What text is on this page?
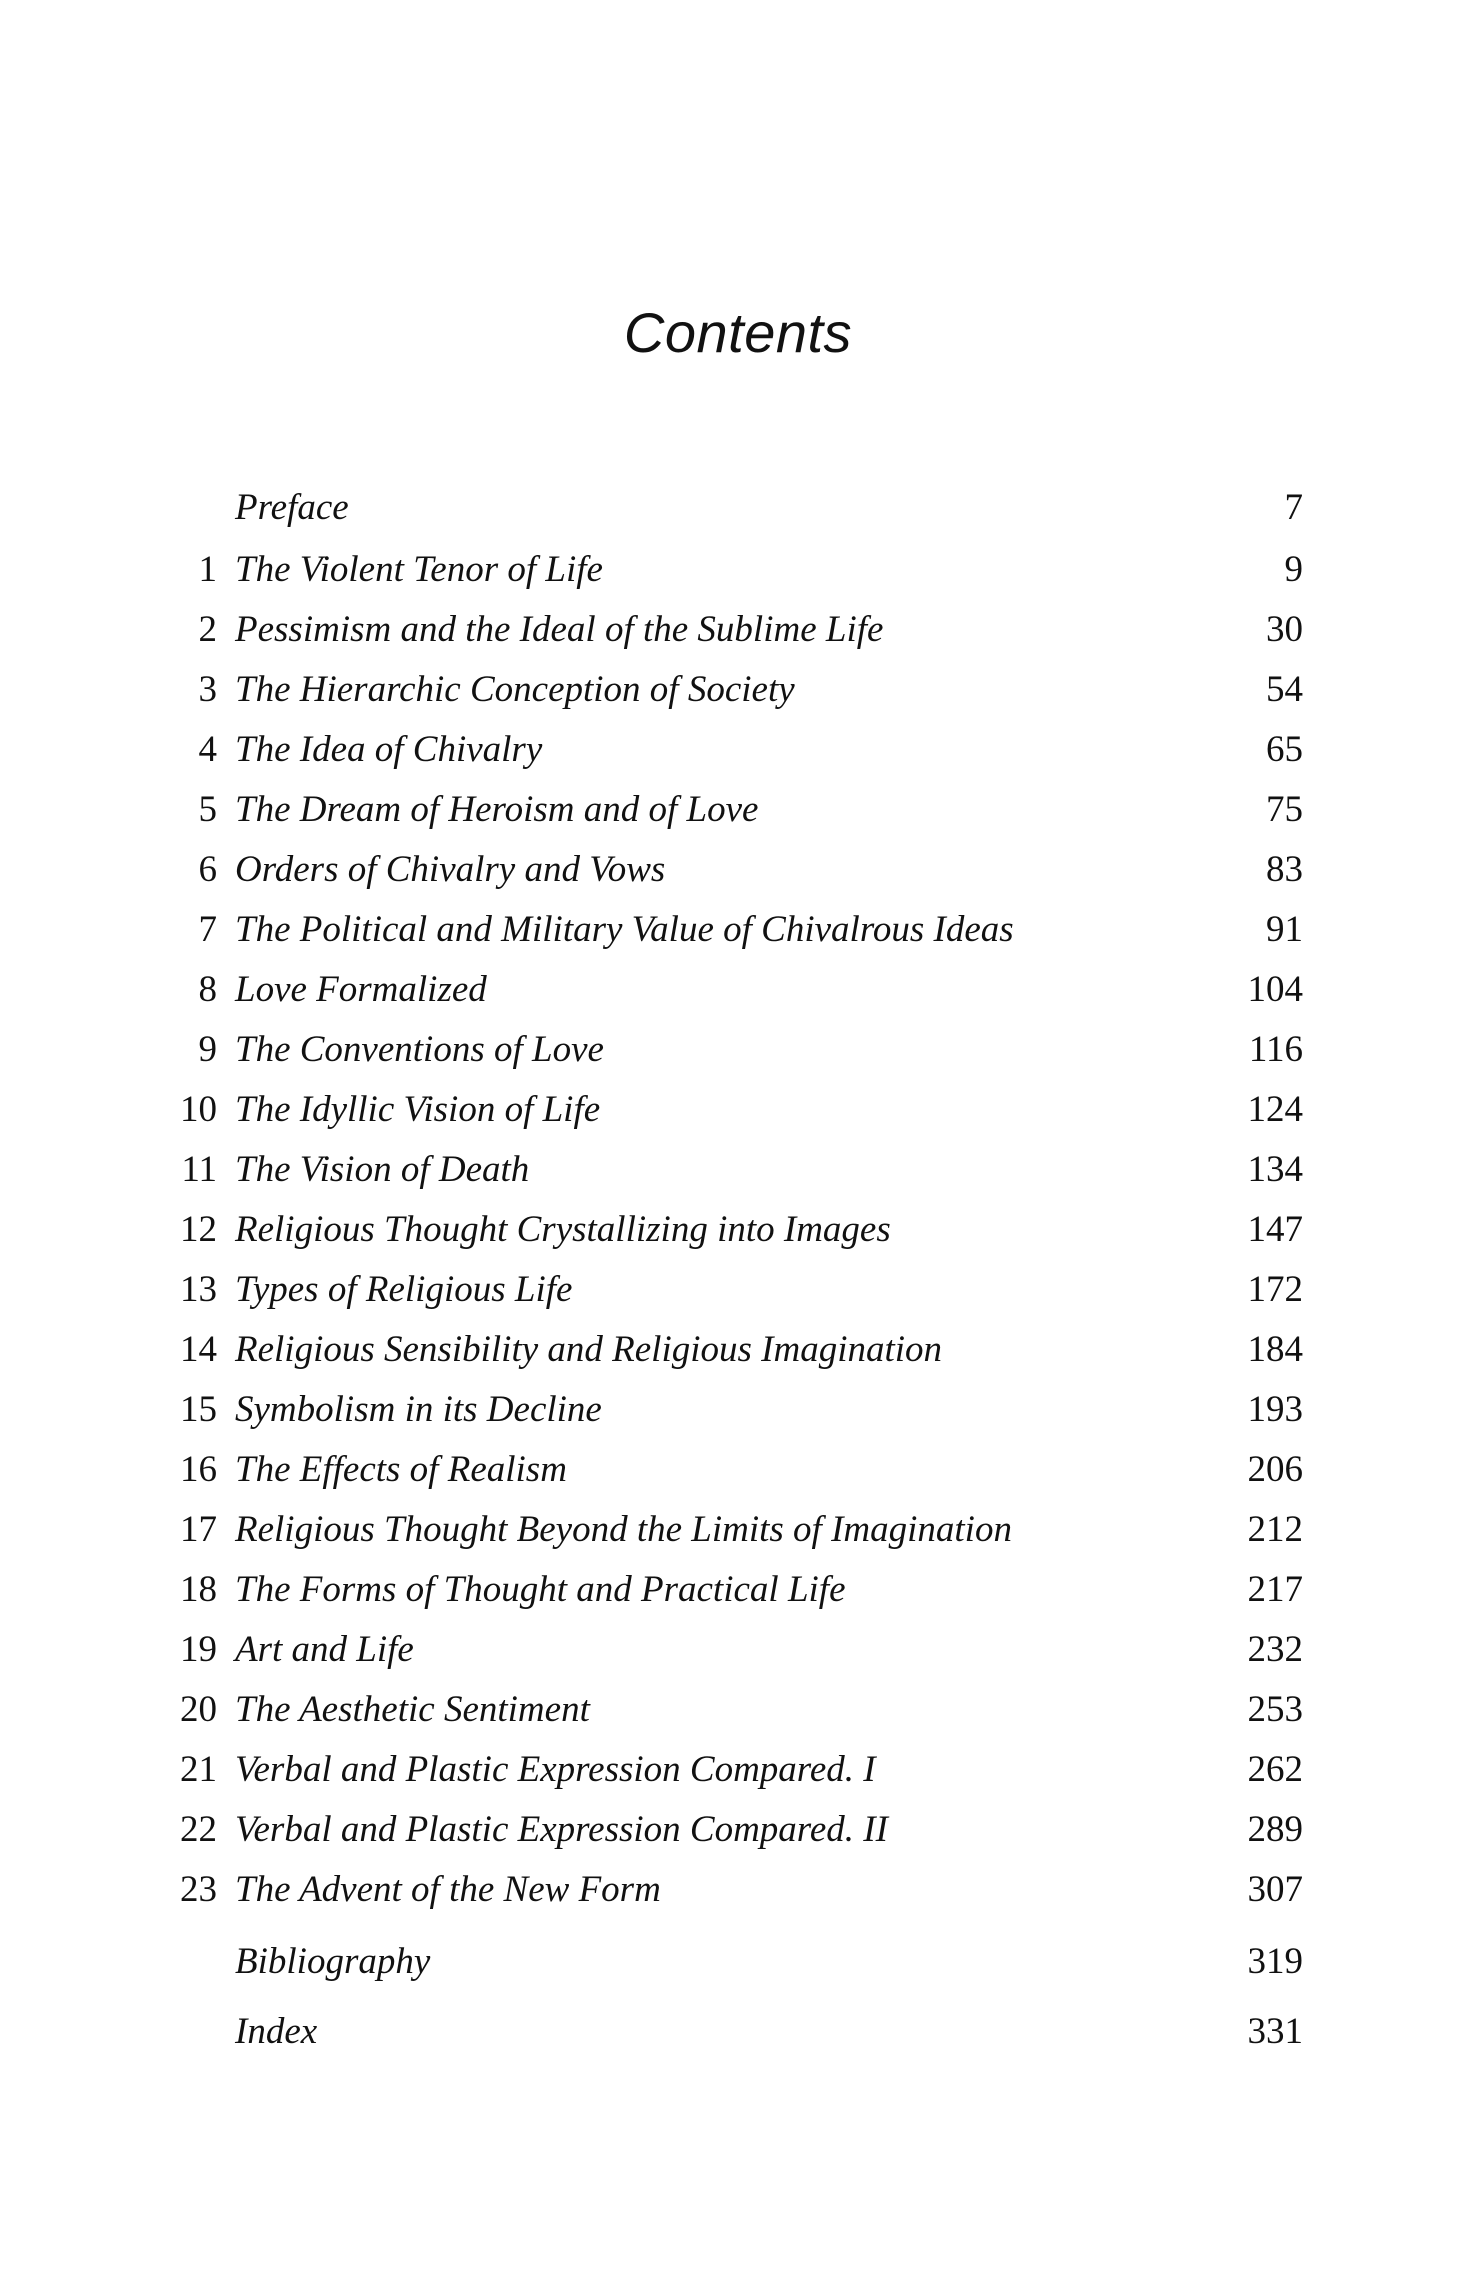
Contents
Preface	7
1 The Violent Tenor of Life	9
2 Pessimism and the Ideal of the Sublime Life	30
3 The Hierarchic Conception of Society	54
4 The Idea of Chivalry	65
5 The Dream of Heroism and of Love	75
6 Orders of Chivalry and Vows	83
7 The Political and Military Value of Chivalrous Ideas	91
8 Love Formalized	104
9 The Conventions of Love	116
10 The Idyllic Vision of Life	124
11 The Vision of Death	134
12 Religious Thought Crystallizing into Images	147
13 Types of Religious Life	172
14 Religious Sensibility and Religious Imagination	184
15 Symbolism in its Decline	193
16 The Effects of Realism	206
17 Religious Thought Beyond the Limits of Imagination	212
18 The Forms of Thought and Practical Life	217
19 Art and Life	232
20 The Aesthetic Sentiment	253
21 Verbal and Plastic Expression Compared. I	262
22 Verbal and Plastic Expression Compared. II	289
23 The Advent of the New Form	307
Bibliography	319
Index	331
